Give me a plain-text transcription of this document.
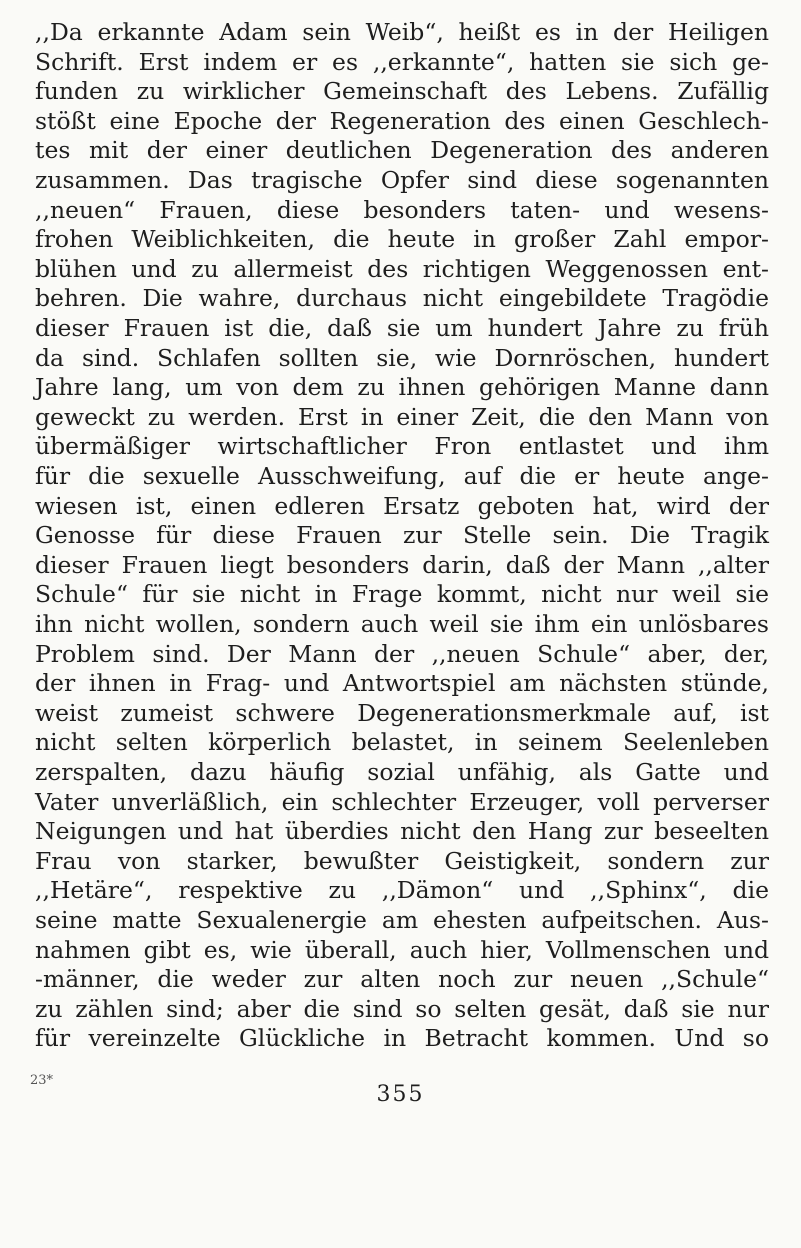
,,Da erkannte Adam sein Weib“, heißt es in der Heiligen
Schrift. Erst indem er es ,,erkannte“, hatten sie sich ge-
funden zu wirklicher Gemeinschaft des Lebens. Zufällig
stößt eine Epoche der Regeneration des einen Geschlech-
tes mit der einer deutlichen Degeneration des anderen
zusammen. Das tragische Opfer sind diese sogenannten
,,neuen“ Frauen, diese besonders taten- und wesens-
frohen Weiblichkeiten, die heute in großer Zahl empor-
blühen und zu allermeist des richtigen Weggenossen ent-
behren. Die wahre, durchaus nicht eingebildete Tragödie
dieser Frauen ist die, daß sie um hundert Jahre zu früh
da sind. Schlafen sollten sie, wie Dornröschen, hundert
Jahre lang, um von dem zu ihnen gehörigen Manne dann
geweckt zu werden. Erst in einer Zeit, die den Mann von
übermäßiger wirtschaftlicher Fron entlastet und ihm
für die sexuelle Ausschweifung, auf die er heute ange-
wiesen ist, einen edleren Ersatz geboten hat, wird der
Genosse für diese Frauen zur Stelle sein. Die Tragik
dieser Frauen liegt besonders darin, daß der Mann ,,alter
Schule“ für sie nicht in Frage kommt, nicht nur weil sie
ihn nicht wollen, sondern auch weil sie ihm ein unlösbares
Problem sind. Der Mann der ,,neuen Schule“ aber, der,
der ihnen in Frag- und Antwortspiel am nächsten stünde,
weist zumeist schwere Degenerationsmerkmale auf, ist
nicht selten körperlich belastet, in seinem Seelenleben
zerspalten, dazu häufig sozial unfähig, als Gatte und
Vater unverläßlich, ein schlechter Erzeuger, voll perverser
Neigungen und hat überdies nicht den Hang zur beseelten
Frau von starker, bewußter Geistigkeit, sondern zur
,,Hetäre“, respektive zu ,,Dämon“ und ,,Sphinx“, die
seine matte Sexualenergie am ehesten aufpeitschen. Aus-
nahmen gibt es, wie überall, auch hier, Vollmenschen und
-männer, die weder zur alten noch zur neuen ,,Schule“
zu zählen sind; aber die sind so selten gesät, daß sie nur
für vereinzelte Glückliche in Betracht kommen. Und so
23*
355
